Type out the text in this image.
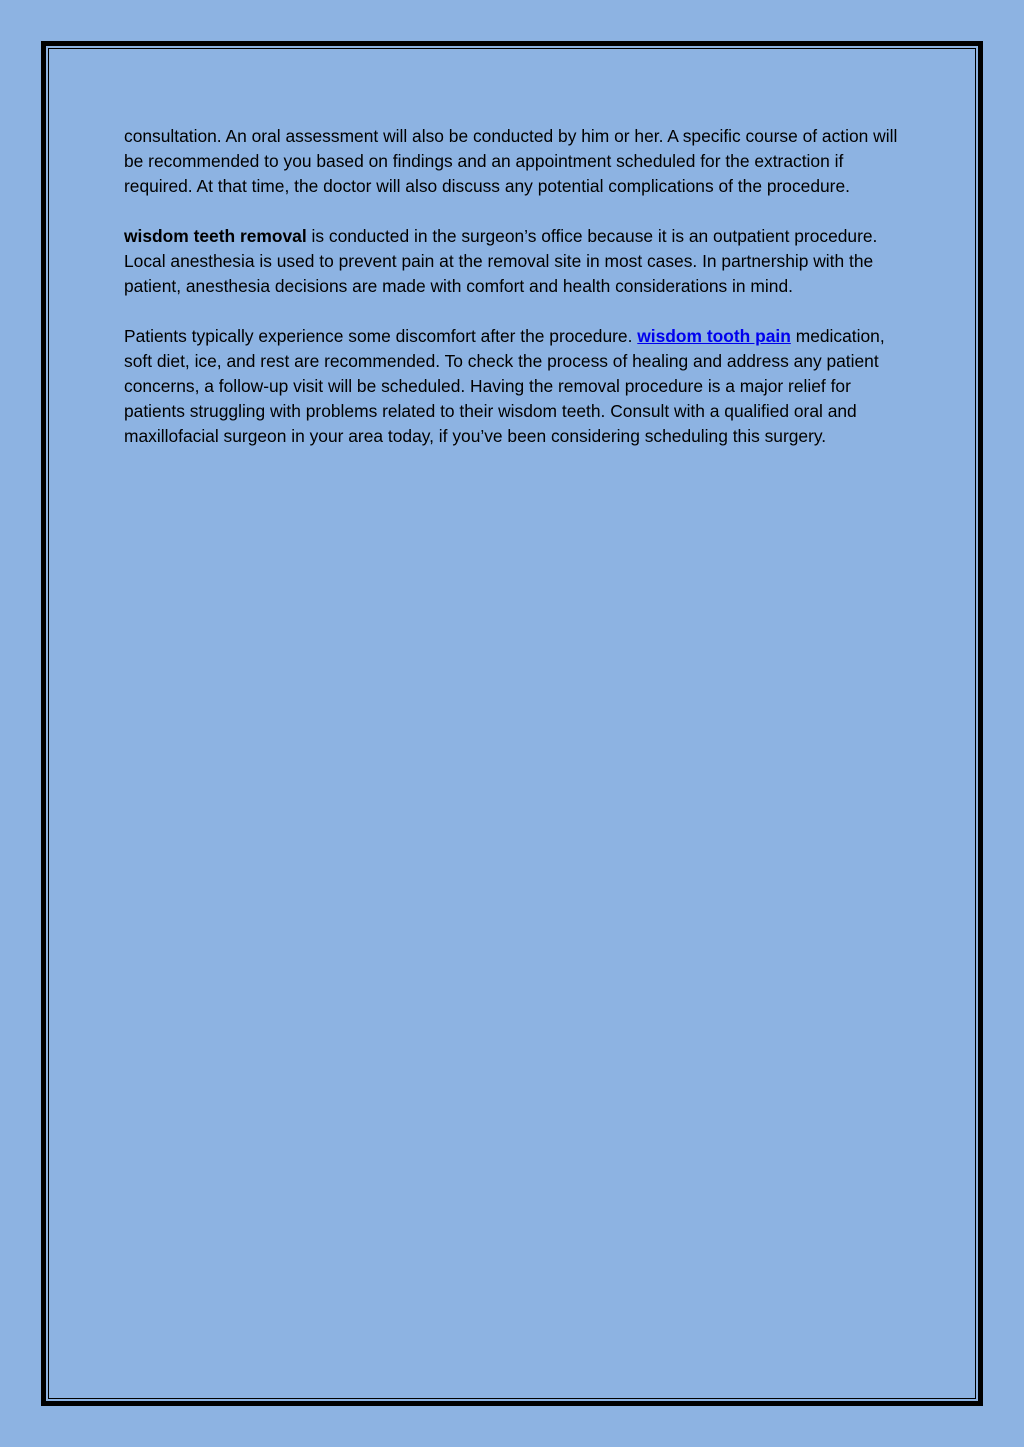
consultation. An oral assessment will also be conducted by him or her. A specific course of action will be recommended to you based on findings and an appointment scheduled for the extraction if required. At that time, the doctor will also discuss any potential complications of the procedure.

wisdom teeth removal is conducted in the surgeon’s office because it is an outpatient procedure. Local anesthesia is used to prevent pain at the removal site in most cases. In partnership with the patient, anesthesia decisions are made with comfort and health considerations in mind.

Patients typically experience some discomfort after the procedure. wisdom tooth pain medication, soft diet, ice, and rest are recommended. To check the process of healing and address any patient concerns, a follow-up visit will be scheduled. Having the removal procedure is a major relief for patients struggling with problems related to their wisdom teeth. Consult with a qualified oral and maxillofacial surgeon in your area today, if you’ve been considering scheduling this surgery.
